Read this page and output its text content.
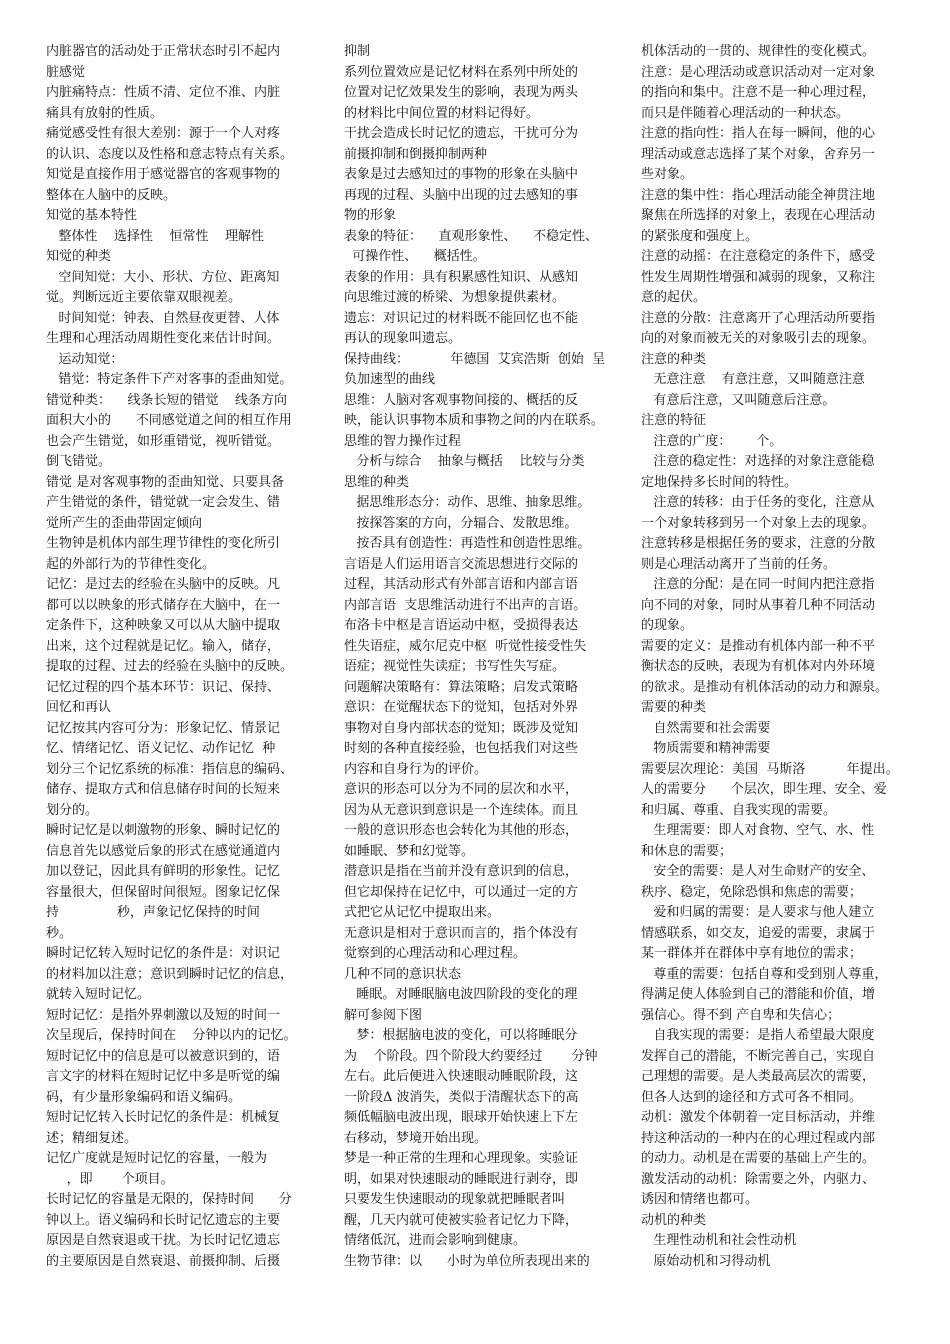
内脏器官的活动处于正常状态时引不起内
脏感觉
内脏痛特点：性质不清、定位不准、内脏
痛具有放射的性质。
痛觉感受性有很大差别：源于一个人对疼
的认识、态度以及性格和意志特点有关系。
知觉是直接作用于感觉器官的客观事物的
整体在人脑中的反映。
知觉的基本特性
整体性    选择性    恒常性    理解性
知觉的种类
空间知觉：大小、形状、方位、距离知
觉。判断远近主要依靠双眼视差。
时间知觉：钟表、自然昼夜更替、人体
生理和心理活动周期性变化来估计时间。
运动知觉：
错觉：特定条件下产对客事的歪曲知觉。
错觉种类：    线条长短的错觉    线条方向
面积大小的      不同感觉道之间的相互作用
也会产生错觉，如形重错觉，视听错觉。
倒飞错觉。
错觉 是对客观事物的歪曲知觉、只要具备
产生错觉的条件，错觉就一定会发生、错
觉所产生的歪曲带固定倾向
生物钟是机体内部生理节律性的变化所引
起的外部行为的节律性变化。
记忆：是过去的经验在头脑中的反映。凡
都可以以映象的形式储存在大脑中，在一
定条件下，这种映象又可以从大脑中提取
出来，这个过程就是记忆。输入，储存，
提取的过程、过去的经验在头脑中的反映。
记忆过程的四个基本环节：识记、保持、
回忆和再认
记忆按其内容可分为：形象记忆、情景记
忆、情绪记忆、语义记忆、动作记忆  种
划分三个记忆系统的标准：指信息的编码、
储存、提取方式和信息储存时间的长短来
划分的。
瞬时记忆是以刺激物的形象、瞬时记忆的
信息首先以感觉后象的形式在感觉通道内
加以登记，因此具有鲜明的形象性。记忆
容量很大，但保留时间很短。图象记忆保
持              秒，声象记忆保持的时间
秒。
瞬时记忆转入短时记忆的条件是：对识记
的材料加以注意；意识到瞬时记忆的信息，
就转入短时记忆。
短时记忆：是指外界刺激以及短的时间一
次呈现后，保持时间在    分钟以内的记忆。
短时记忆中的信息是可以被意识到的，语
言文字的材料在短时记忆中多是听觉的编
码，有少量形象编码和语义编码。
短时记忆转入长时记忆的条件是：机械复
述；精细复述。
记忆广度就是短时记忆的容量，一般为
，即       个项目。
长时记忆的容量是无限的，保持时间      分
钟以上。语义编码和长时记忆遗忘的主要
原因是自然衰退或干扰。为长时记忆遗忘
的主要原因是自然衰退、前摄抑制、后摄
抑制
系列位置效应是记忆材料在系列中所处的
位置对记忆效果发生的影响，表现为两头
的材料比中间位置的材料记得好。
干扰会造成长时记忆的遗忘，干扰可分为
前摄抑制和倒摄抑制两种
表象是过去感知过的事物的形象在头脑中
再现的过程、头脑中出现的过去感知的事
物的形象
表象的特征：    直观形象性、    不稳定性、
可操作性、    概括性。
表象的作用：具有积累感性知识、从感知
向思维过渡的桥梁、为想象提供素材。
遗忘：对识记过的材料既不能回忆也不能
再认的现象叫遗忘。
保持曲线：          年德国  艾宾浩斯  创始  呈
负加速型的曲线
思维：人脑对客观事物间接的、概括的反
映，能认识事物本质和事物之间的内在联系。
思维的智力操作过程
分析与综合    抽象与概括    比较与分类
思维的种类
据思维形态分：动作、思维、抽象思维。
按探答案的方向，分辐合、发散思维。
按否具有创造性：再造性和创造性思维。
言语是人们运用语言交流思想进行交际的
过程，其活动形式有外部言语和内部言语
内部言语  支思维活动进行不出声的言语。
布洛卡中枢是言语运动中枢，受损得表达
性失语症，威尔尼克中枢  听觉性接受性失
语症；视觉性失读症；书写性失写症。
问题解决策略有：算法策略；启发式策略
意识：在觉醒状态下的觉知，包括对外界
事物对自身内部状态的觉知；既涉及觉知
时刻的各种直接经验，也包括我们对这些
内容和自身行为的评价。
意识的形态可以分为不同的层次和水平，
因为从无意识到意识是一个连续体。而且
一般的意识形态也会转化为其他的形态，
如睡眠、梦和幻觉等。
潜意识是指在当前并没有意识到的信息，
但它却保持在记忆中，可以通过一定的方
式把它从记忆中提取出来。
无意识是相对于意识而言的，指个体没有
觉察到的心理活动和心理过程。
几种不同的意识状态
睡眠。对睡眠脑电波四阶段的变化的理
解可参阅下图
梦：根据脑电波的变化，可以将睡眠分
为    个阶段。四个阶段大约要经过       分钟
左右。此后便进入快速眼动睡眠阶段，这
一阶段Δ 波消失，类似于清醒状态下的高
频低幅脑电波出现，眼球开始快速上下左
右移动，梦境开始出现。
梦是一种正常的生理和心理现象。实验证
明，如果对快速眼动的睡眠进行剥夺，即
只要发生快速眼动的现象就把睡眠者叫
醒，几天内就可使被实验者记忆力下降，
情绪低沉，进而会影响到健康。
生物节律：以      小时为单位所表现出来的
机体活动的一贯的、规律性的变化模式。
注意：是心理活动或意识活动对一定对象
的指向和集中。注意不是一种心理过程，
而只是伴随着心理活动的一种状态。
注意的指向性：指人在每一瞬间，他的心
理活动或意志选择了某个对象，舍弃另一
些对象。
注意的集中性：指心理活动能全神贯注地
聚焦在所选择的对象上，表现在心理活动
的紧张度和强度上。
注意的动摇：在注意稳定的条件下，感受
性发生周期性增强和减弱的现象，又称注
意的起伏。
注意的分散：注意离开了心理活动所要指
向的对象而被无关的对象吸引去的现象。
注意的种类
无意注意    有意注意，又叫随意注意
有意后注意，又叫随意后注意。
注意的特征
注意的广度：      个。
注意的稳定性：对选择的对象注意能稳
定地保持多长时间的特性。
注意的转移：由于任务的变化，注意从
一个对象转移到另一个对象上去的现象。
注意转移是根据任务的要求，注意的分散
则是心理活动离开了当前的任务。
注意的分配：是在同一时间内把注意指
向不同的对象，同时从事着几种不同活动
的现象。
需要的定义：是推动有机体内部一种不平
衡状态的反映，表现为有机体对内外环境
的欲求。是推动有机体活动的动力和源泉。
需要的种类
自然需要和社会需要
物质需要和精神需要
需要层次理论：美国  马斯洛          年提出。
人的需要分      个层次，即生理、安全、爱
和归属、尊重、自我实现的需要。
生理需要：即人对食物、空气、水、性
和休息的需要；
安全的需要：是人对生命财产的安全、
秩序、稳定，免除恐惧和焦虑的需要；
爱和归属的需要：是人要求与他人建立
情感联系，如交友，追爱的需要，隶属于
某一群体并在群体中享有地位的需求；
尊重的需要：包括自尊和受到别人尊重，
得满足使人体验到自己的潜能和价值，增
强信心。得不到 产自卑和失信心；
自我实现的需要：是指人希望最大限度
发挥自己的潜能，不断完善自己，实现自
己理想的需要。是人类最高层次的需要，
但各人达到的途径和方式可各不相同。
动机：激发个体朝着一定目标活动，并维
持这种活动的一种内在的心理过程或内部
的动力。动机是在需要的基础上产生的。
激发活动的动机：除需要之外，内驱力、
诱因和情绪也都可。
动机的种类
生理性动机和社会性动机
原始动机和习得动机
